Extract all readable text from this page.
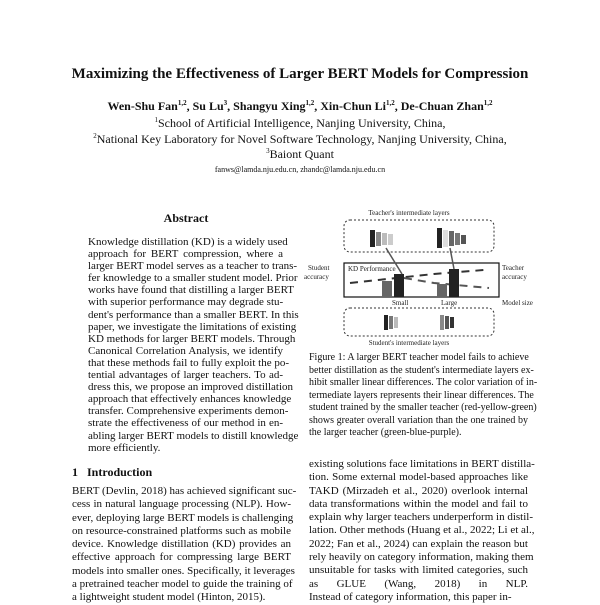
Maximizing the Effectiveness of Larger BERT Models for Compression
Wen-Shu Fan$^{1,2}$, Su Lu$^3$, Shangyu Xing$^{1,2}$, Xin-Chun Li$^{1,2}$, De-Chuan Zhan$^{1,2}$
$^1$School of Artificial Intelligence, Nanjing University, China,
$^2$National Key Laboratory for Novel Software Technology, Nanjing University, China,
$^3$Baiont Quant
fanws@lamda.nju.edu.cn, zhandc@lamda.nju.edu.cn
Abstract
Knowledge distillation (KD) is a widely used
approach for BERT compression, where a
larger BERT model serves as a teacher to trans-
fer knowledge to a smaller student model. Prior
works have found that distilling a larger BERT
with superior performance may degrade stu-
dent's performance than a smaller BERT. In this
paper, we investigate the limitations of existing
KD methods for larger BERT models. Through
Canonical Correlation Analysis, we identify
that these methods fail to fully exploit the po-
tential advantages of larger teachers. To ad-
dress this, we propose an improved distillation
approach that effectively enhances knowledge
transfer. Comprehensive experiments demon-
strate the effectiveness of our method in en-
abling larger BERT models to distill knowledge
more efficiently.
1 Introduction
BERT (Devlin, 2018) has achieved significant suc-
cess in natural language processing (NLP). How-
ever, deploying large BERT models is challenging
on resource-constrained platforms such as mobile
device. Knowledge distillation (KD) provides an
effective approach for compressing large BERT
models into smaller ones. Specifically, it leverages
a pretrained teacher model to guide the training of
a lightweight student model (Hinton, 2015).
Teacher's intermediate layers
Student
accuracy
Teacher
accuracy
KD Performance
Small	Large	Model size
Student's intermediate layers
Figure 1: A larger BERT teacher model fails to achieve
better distillation as the student's intermediate layers ex-
hibit smaller linear differences. The color variation of in-
termediate layers represents their linear differences. The
student trained by the smaller teacher (red-yellow-green)
shows greater overall variation than the one trained by
the larger teacher (green-blue-purple).
existing solutions face limitations in BERT distilla-
tion. Some external model-based approaches like
TAKD (Mirzadeh et al., 2020) overlook internal
data transformations within the model and fail to
explain why larger teachers underperform in distil-
lation. Other methods (Huang et al., 2022; Li et al.,
2022; Fan et al., 2024) can explain the reason but
rely heavily on category information, making them
unsuitable for tasks with limited categories, such
as GLUE (Wang, 2018) in NLP.
Instead of category information, this paper in-
